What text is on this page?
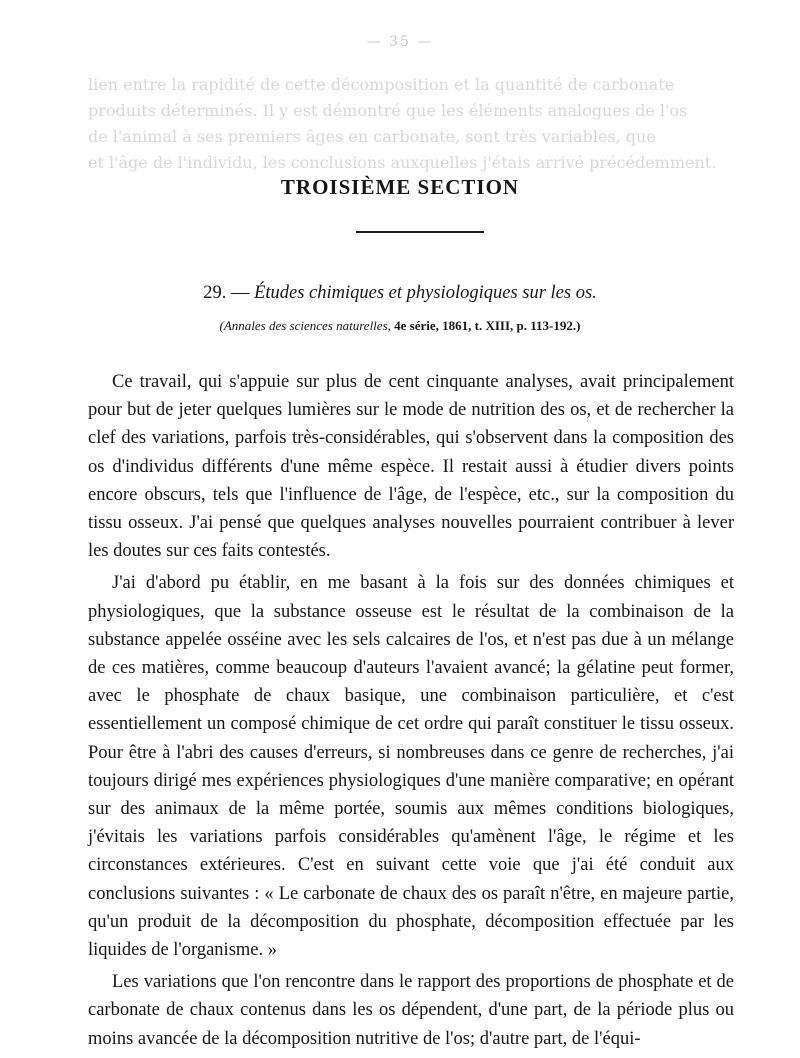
— 35 —
lien entre la rapidité de cette décomposition et la quantité de carbonate
produits déterminés. Il y est démontré que les éléments analogues de l'os
de l'animal à ses premiers âges en carbonate, sont très variables, que
et l'âge de l'individu, les conclusions auxquelles j'étais arrivé précédemment.
TROISIÈME SECTION
29. — Études chimiques et physiologiques sur les os.
(Annales des sciences naturelles, 4e série, 1861, t. XIII, p. 113-192.)

Ce travail, qui s'appuie sur plus de cent cinquante analyses, avait principalement pour but de jeter quelques lumières sur le mode de nutrition des os, et de rechercher la clef des variations, parfois très-considérables, qui s'observent dans la composition des os d'individus différents d'une même espèce. Il restait aussi à étudier divers points encore obscurs, tels que l'influence de l'âge, de l'espèce, etc., sur la composition du tissu osseux. J'ai pensé que quelques analyses nouvelles pourraient contribuer à lever les doutes sur ces faits contestés.

J'ai d'abord pu établir, en me basant à la fois sur des données chimiques et physiologiques, que la substance osseuse est le résultat de la combinaison de la substance appelée osséine avec les sels calcaires de l'os, et n'est pas due à un mélange de ces matières, comme beaucoup d'auteurs l'avaient avancé; la gélatine peut former, avec le phosphate de chaux basique, une combinaison particulière, et c'est essentiellement un composé chimique de cet ordre qui paraît constituer le tissu osseux. Pour être à l'abri des causes d'erreurs, si nombreuses dans ce genre de recherches, j'ai toujours dirigé mes expériences physiologiques d'une manière comparative; en opérant sur des animaux de la même portée, soumis aux mêmes conditions biologiques, j'évitais les variations parfois considérables qu'amènent l'âge, le régime et les circonstances extérieures. C'est en suivant cette voie que j'ai été conduit aux conclusions suivantes : « Le carbonate de chaux des os paraît n'être, en majeure partie, qu'un produit de la décomposition du phosphate, décomposition effectuée par les liquides de l'organisme. »

Les variations que l'on rencontre dans le rapport des proportions de phosphate et de carbonate de chaux contenus dans les os dépendent, d'une part, de la période plus ou moins avancée de la décomposition nutritive de l'os; d'autre part, de l'équi-
